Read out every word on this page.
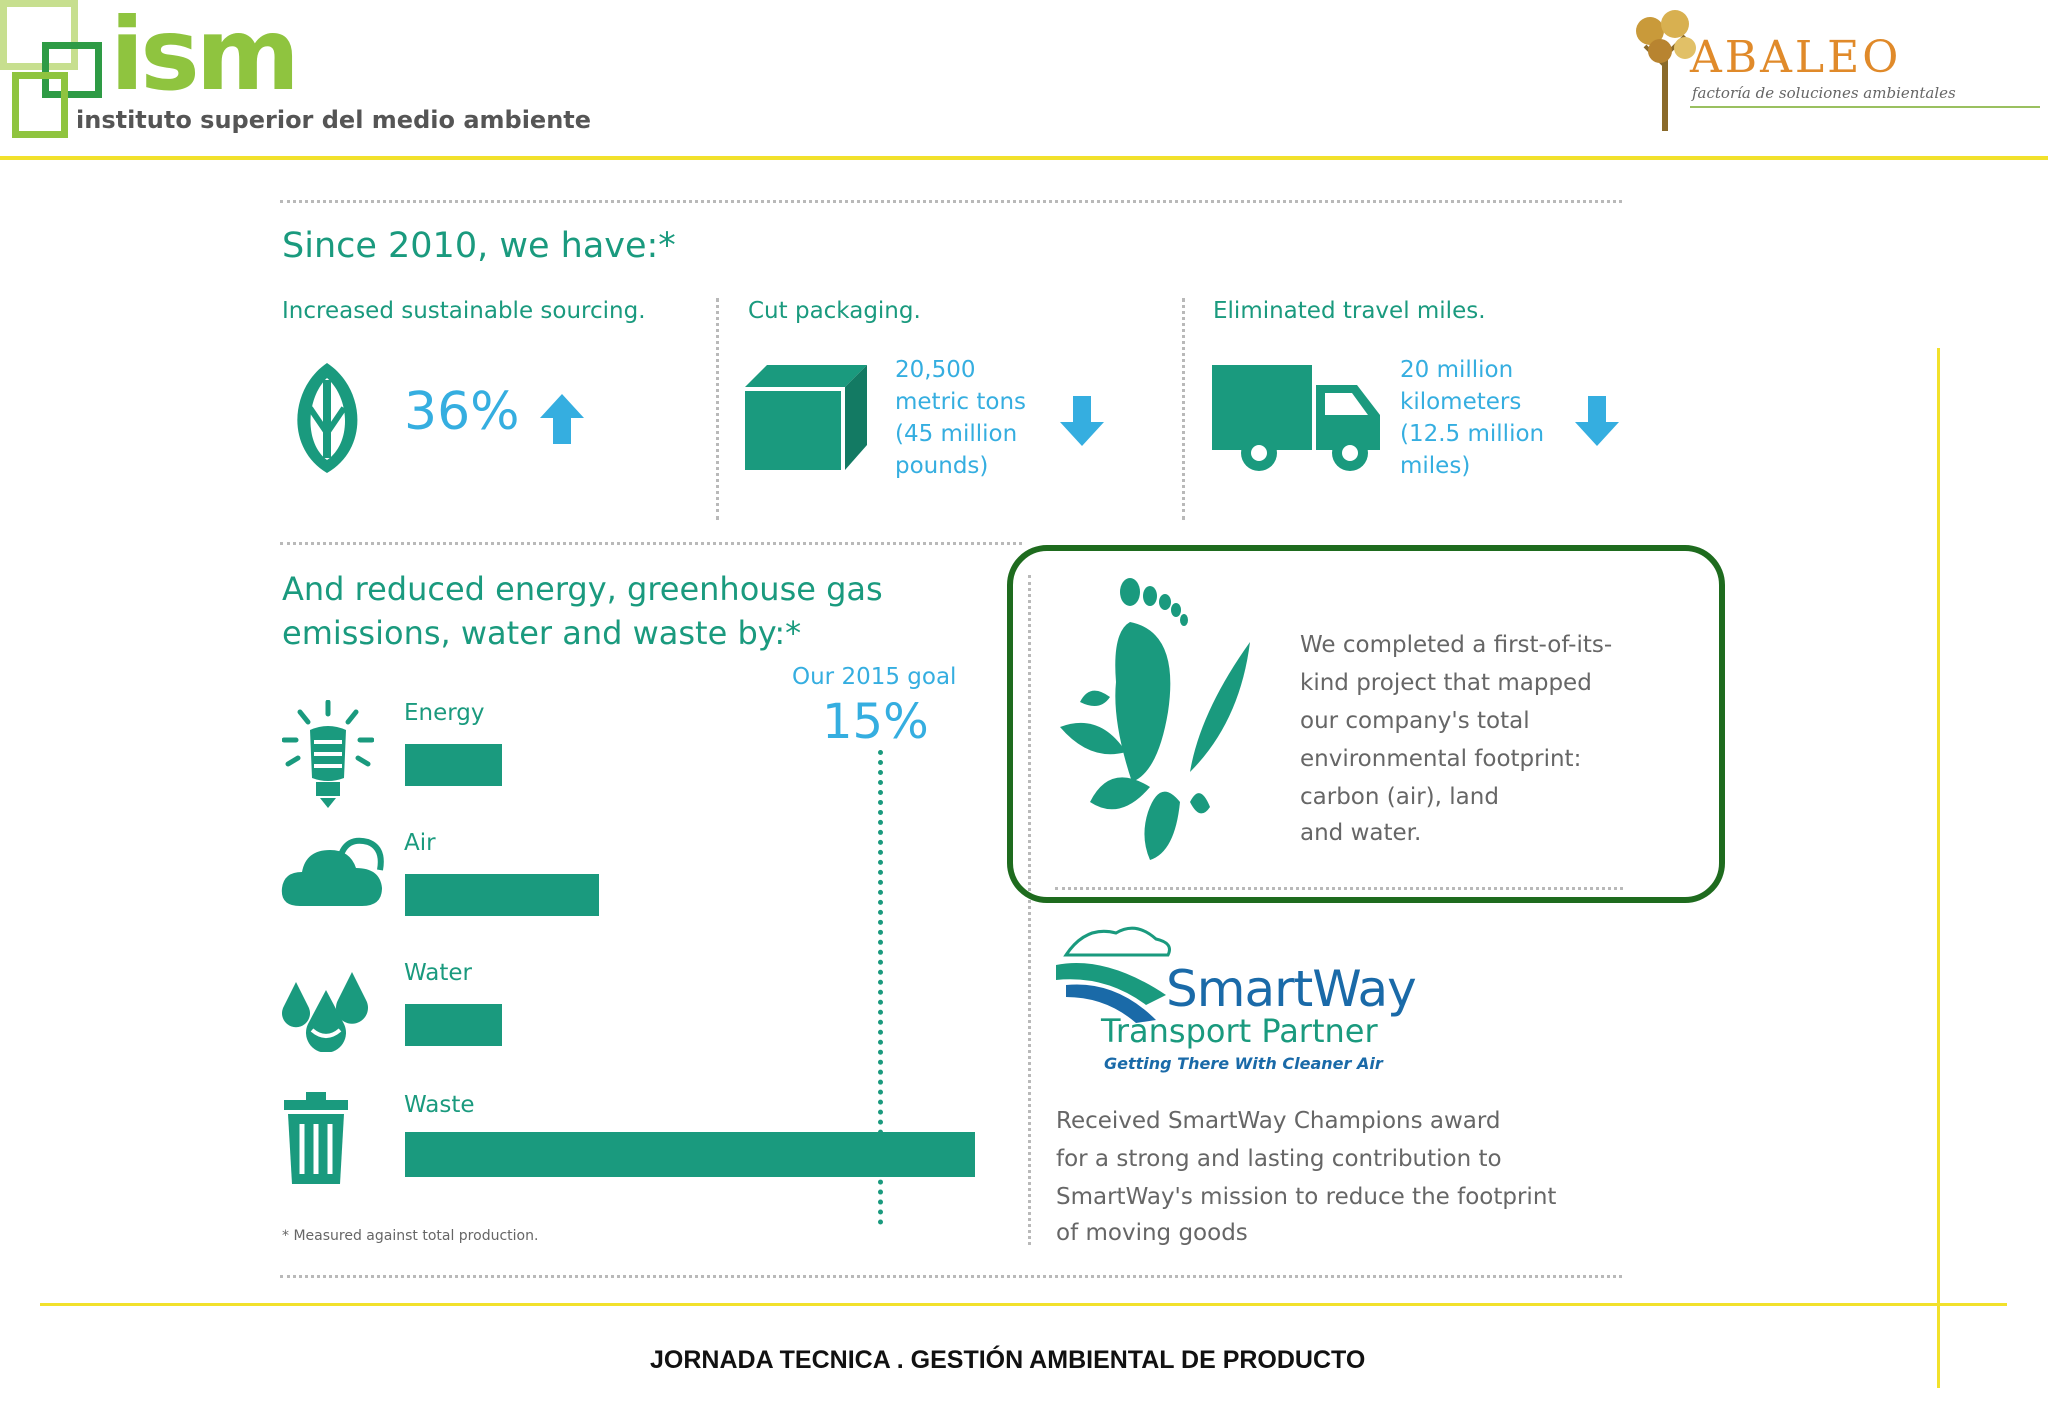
ism
instituto superior del medio ambiente
ABALEO
factoría de soluciones ambientales
Since 2010, we have:*
Increased sustainable sourcing.
36%
Cut packaging.
20,500
metric tons
(45 million
pounds)
Eliminated travel miles.
20 million
kilometers
(12.5 million
miles)
And reduced energy, greenhouse gas
emissions, water and waste by:*
Our 2015 goal
15%
Energy
Air
Water
Waste
* Measured against total production.
We completed a first-of-its-
kind project that mapped
our company's total
environmental footprint:
carbon (air), land
and water.
SmartWay
Transport Partner
Getting There With Cleaner Air
Received SmartWay Champions award
for a strong and lasting contribution to
SmartWay's mission to reduce the footprint
of moving goods
JORNADA TECNICA . GESTIÓN AMBIENTAL DE PRODUCTO
